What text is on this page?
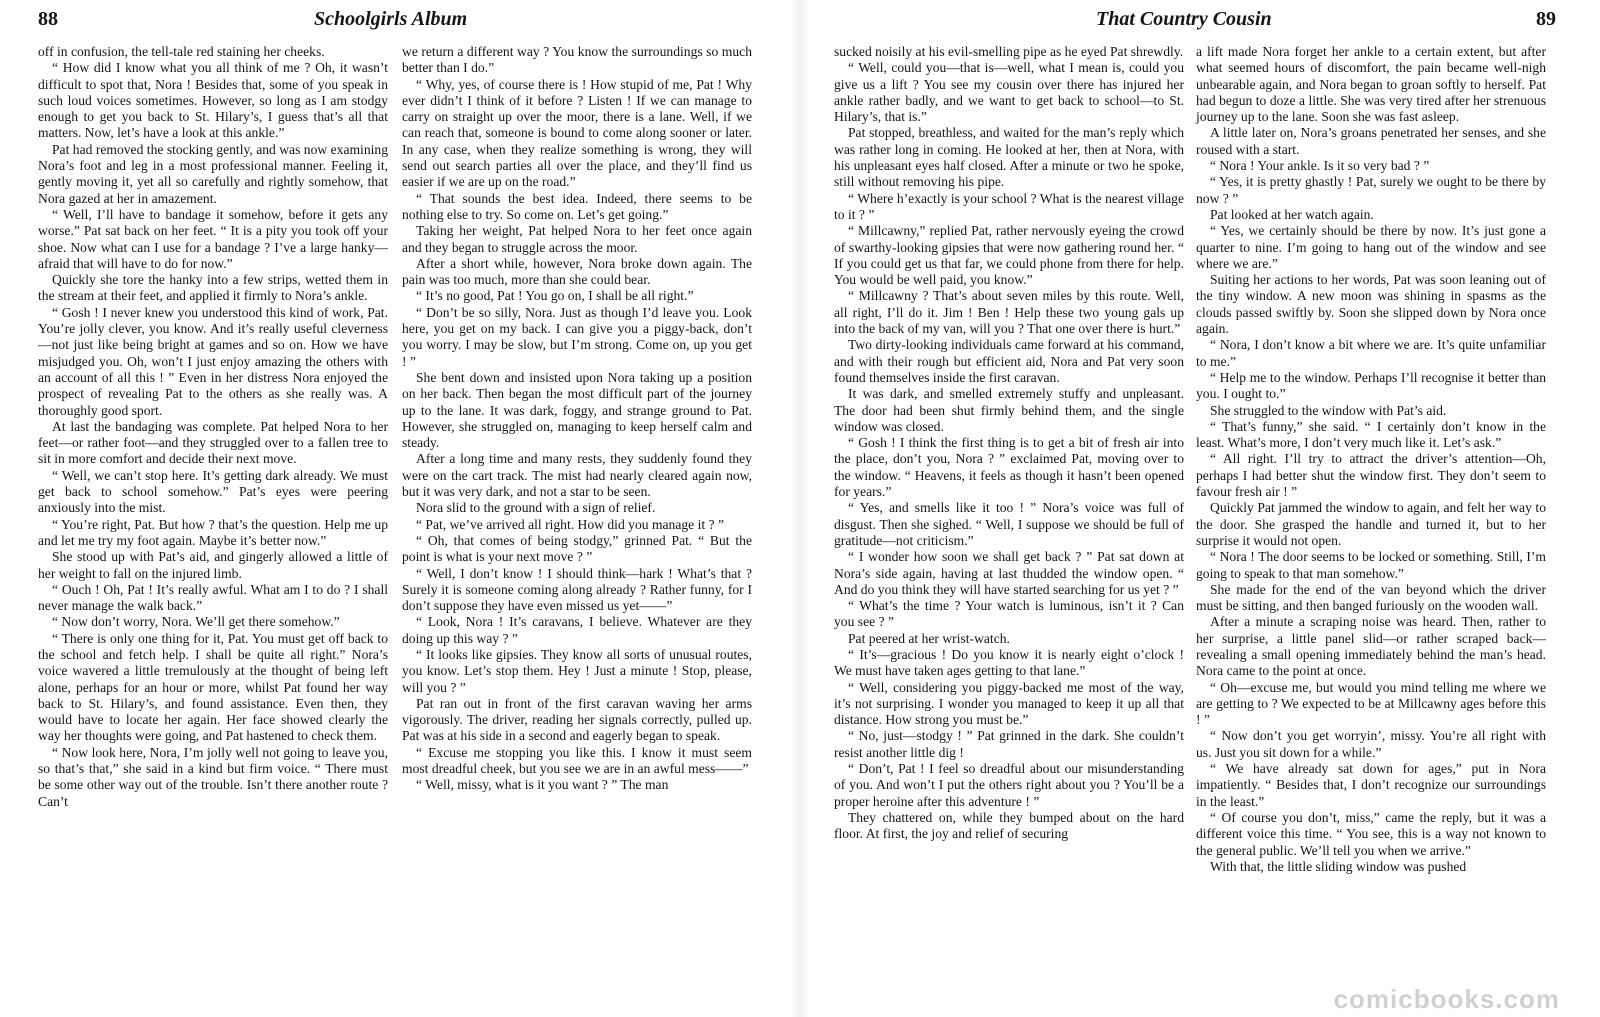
88	Schoolgirls Album

off in confusion, the tell-tale red staining her cheeks.

“ How did I know what you all think of me ? Oh, it wasn’t difficult to spot that, Nora ! Besides that, some of you speak in such loud voices sometimes. However, so long as I am stodgy enough to get you back to St. Hilary’s, I guess that’s all that matters. Now, let’s have a look at this ankle.”

Pat had removed the stocking gently, and was now examining Nora’s foot and leg in a most professional manner. Feeling it, gently moving it, yet all so carefully and rightly somehow, that Nora gazed at her in amazement.

“ Well, I’ll have to bandage it somehow, before it gets any worse.” Pat sat back on her feet. “ It is a pity you took off your shoe. Now what can I use for a bandage ? I’ve a large hanky—afraid that will have to do for now.”

Quickly she tore the hanky into a few strips, wetted them in the stream at their feet, and applied it firmly to Nora’s ankle.

“ Gosh ! I never knew you understood this kind of work, Pat. You’re jolly clever, you know. And it’s really useful cleverness—not just like being bright at games and so on. How we have misjudged you. Oh, won’t I just enjoy amazing the others with an account of all this ! ” Even in her distress Nora enjoyed the prospect of revealing Pat to the others as she really was. A thoroughly good sport.

At last the bandaging was complete. Pat helped Nora to her feet—or rather foot—and they struggled over to a fallen tree to sit in more comfort and decide their next move.

“ Well, we can’t stop here. It’s getting dark already. We must get back to school somehow.” Pat’s eyes were peering anxiously into the mist.

“ You’re right, Pat. But how ? that’s the question. Help me up and let me try my foot again. Maybe it’s better now.”

She stood up with Pat’s aid, and gingerly allowed a little of her weight to fall on the injured limb.

“ Ouch ! Oh, Pat ! It’s really awful. What am I to do ? I shall never manage the walk back.”

“ Now don’t worry, Nora. We’ll get there somehow.”

“ There is only one thing for it, Pat. You must get off back to the school and fetch help. I shall be quite all right.” Nora’s voice wavered a little tremulously at the thought of being left alone, perhaps for an hour or more, whilst Pat found her way back to St. Hilary’s, and found assistance. Even then, they would have to locate her again. Her face showed clearly the way her thoughts were going, and Pat hastened to check them.

“ Now look here, Nora, I’m jolly well not going to leave you, so that’s that,” she said in a kind but firm voice. “ There must be some other way out of the trouble. Isn’t there another route ? Can’t

we return a different way ? You know the surroundings so much better than I do.”

“ Why, yes, of course there is ! How stupid of me, Pat ! Why ever didn’t I think of it before ? Listen ! If we can manage to carry on straight up over the moor, there is a lane. Well, if we can reach that, someone is bound to come along sooner or later. In any case, when they realize something is wrong, they will send out search parties all over the place, and they’ll find us easier if we are up on the road.”

“ That sounds the best idea. Indeed, there seems to be nothing else to try. So come on. Let’s get going.”

Taking her weight, Pat helped Nora to her feet once again and they began to struggle across the moor.

After a short while, however, Nora broke down again. The pain was too much, more than she could bear.

“ It’s no good, Pat ! You go on, I shall be all right.”

“ Don’t be so silly, Nora. Just as though I’d leave you. Look here, you get on my back. I can give you a piggy-back, don’t you worry. I may be slow, but I’m strong. Come on, up you get ! ”

She bent down and insisted upon Nora taking up a position on her back. Then began the most difficult part of the journey up to the lane. It was dark, foggy, and strange ground to Pat. However, she struggled on, managing to keep herself calm and steady.

After a long time and many rests, they suddenly found they were on the cart track. The mist had nearly cleared again now, but it was very dark, and not a star to be seen.

Nora slid to the ground with a sign of relief.

“ Pat, we’ve arrived all right. How did you manage it ? ”

“ Oh, that comes of being stodgy,” grinned Pat. “ But the point is what is your next move ? ”

“ Well, I don’t know ! I should think—hark ! What’s that ? Surely it is someone coming along already ? Rather funny, for I don’t suppose they have even missed us yet——”

“ Look, Nora ! It’s caravans, I believe. Whatever are they doing up this way ? ”

“ It looks like gipsies. They know all sorts of unusual routes, you know. Let’s stop them. Hey ! Just a minute ! Stop, please, will you ? ”

Pat ran out in front of the first caravan waving her arms vigorously. The driver, reading her signals correctly, pulled up. Pat was at his side in a second and eagerly began to speak.

“ Excuse me stopping you like this. I know it must seem most dreadful cheek, but you see we are in an awful mess——”

“ Well, missy, what is it you want ? ” The man

That Country Cousin	89

sucked noisily at his evil-smelling pipe as he eyed Pat shrewdly.

“ Well, could you—that is—well, what I mean is, could you give us a lift ? You see my cousin over there has injured her ankle rather badly, and we want to get back to school—to St. Hilary’s, that is.”

Pat stopped, breathless, and waited for the man’s reply which was rather long in coming. He looked at her, then at Nora, with his unpleasant eyes half closed. After a minute or two he spoke, still without removing his pipe.

“ Where h’exactly is your school ? What is the nearest village to it ? ”

“ Millcawny,” replied Pat, rather nervously eyeing the crowd of swarthy-looking gipsies that were now gathering round her. “ If you could get us that far, we could phone from there for help. You would be well paid, you know.”

“ Millcawny ? That’s about seven miles by this route. Well, all right, I’ll do it. Jim ! Ben ! Help these two young gals up into the back of my van, will you ? That one over there is hurt.”

Two dirty-looking individuals came forward at his command, and with their rough but efficient aid, Nora and Pat very soon found themselves inside the first caravan.

It was dark, and smelled extremely stuffy and unpleasant. The door had been shut firmly behind them, and the single window was closed.

“ Gosh ! I think the first thing is to get a bit of fresh air into the place, don’t you, Nora ? ” exclaimed Pat, moving over to the window. “ Heavens, it feels as though it hasn’t been opened for years.”

“ Yes, and smells like it too ! ” Nora’s voice was full of disgust. Then she sighed. “ Well, I suppose we should be full of gratitude—not criticism.”

“ I wonder how soon we shall get back ? ” Pat sat down at Nora’s side again, having at last thudded the window open. “ And do you think they will have started searching for us yet ? ”

“ What’s the time ? Your watch is luminous, isn’t it ? Can you see ? ”

Pat peered at her wrist-watch.

“ It’s—gracious ! Do you know it is nearly eight o’clock ! We must have taken ages getting to that lane.”

“ Well, considering you piggy-backed me most of the way, it’s not surprising. I wonder you managed to keep it up all that distance. How strong you must be.”

“ No, just—stodgy ! ” Pat grinned in the dark. She couldn’t resist another little dig !

“ Don’t, Pat ! I feel so dreadful about our misunderstanding of you. And won’t I put the others right about you ? You’ll be a proper heroine after this adventure ! ”

They chattered on, while they bumped about on the hard floor. At first, the joy and relief of securing

a lift made Nora forget her ankle to a certain extent, but after what seemed hours of discomfort, the pain became well-nigh unbearable again, and Nora began to groan softly to herself. Pat had begun to doze a little. She was very tired after her strenuous journey up to the lane. Soon she was fast asleep.

A little later on, Nora’s groans penetrated her senses, and she roused with a start.

“ Nora ! Your ankle. Is it so very bad ? ”

“ Yes, it is pretty ghastly ! Pat, surely we ought to be there by now ? ”

Pat looked at her watch again.

“ Yes, we certainly should be there by now. It’s just gone a quarter to nine. I’m going to hang out of the window and see where we are.”

Suiting her actions to her words, Pat was soon leaning out of the tiny window. A new moon was shining in spasms as the clouds passed swiftly by. Soon she slipped down by Nora once again.

“ Nora, I don’t know a bit where we are. It’s quite unfamiliar to me.”

“ Help me to the window. Perhaps I’ll recognise it better than you. I ought to.”

She struggled to the window with Pat’s aid.

“ That’s funny,” she said. “ I certainly don’t know in the least. What’s more, I don’t very much like it. Let’s ask.”

“ All right. I’ll try to attract the driver’s attention—Oh, perhaps I had better shut the window first. They don’t seem to favour fresh air ! ”

Quickly Pat jammed the window to again, and felt her way to the door. She grasped the handle and turned it, but to her surprise it would not open.

“ Nora ! The door seems to be locked or something. Still, I’m going to speak to that man somehow.”

She made for the end of the van beyond which the driver must be sitting, and then banged furiously on the wooden wall.

After a minute a scraping noise was heard. Then, rather to her surprise, a little panel slid—or rather scraped back—revealing a small opening immediately behind the man’s head. Nora came to the point at once.

“ Oh—excuse me, but would you mind telling me where we are getting to ? We expected to be at Millcawny ages before this ! ”

“ Now don’t you get worryin’, missy. You’re all right with us. Just you sit down for a while.”

“ We have already sat down for ages,” put in Nora impatiently. “ Besides that, I don’t recognize our surroundings in the least.”

“ Of course you don’t, miss,” came the reply, but it was a different voice this time. “ You see, this is a way not known to the general public. We’ll tell you when we arrive.”

With that, the little sliding window was pushed

comicbooks.com
